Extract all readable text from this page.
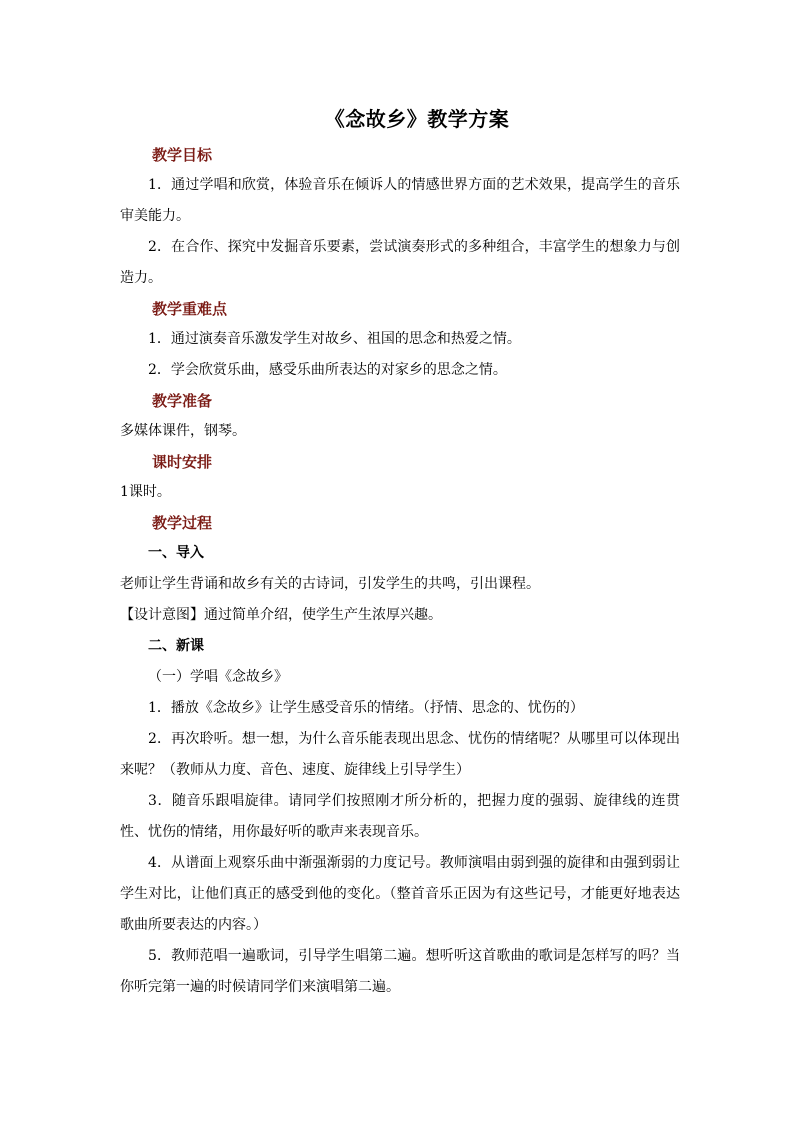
《念故乡》教学方案
教学目标

1．通过学唱和欣赏，体验音乐在倾诉人的情感世界方面的艺术效果，提高学生的音乐审美能力。

2．在合作、探究中发掘音乐要素，尝试演奏形式的多种组合，丰富学生的想象力与创造力。

教学重难点

1．通过演奏音乐激发学生对故乡、祖国的思念和热爱之情。

2．学会欣赏乐曲，感受乐曲所表达的对家乡的思念之情。

教学准备

多媒体课件，钢琴。

课时安排

1课时。

教学过程

一、导入

老师让学生背诵和故乡有关的古诗词，引发学生的共鸣，引出课程。

【设计意图】通过简单介绍，使学生产生浓厚兴趣。

二、新课

（一）学唱《念故乡》

1．播放《念故乡》让学生感受音乐的情绪。（抒情、思念的、忧伤的）

2．再次聆听。想一想，为什么音乐能表现出思念、忧伤的情绪呢？从哪里可以体现出来呢？（教师从力度、音色、速度、旋律线上引导学生）

3．随音乐跟唱旋律。请同学们按照刚才所分析的，把握力度的强弱、旋律线的连贯性、忧伤的情绪，用你最好听的歌声来表现音乐。

4．从谱面上观察乐曲中渐强渐弱的力度记号。教师演唱由弱到强的旋律和由强到弱让学生对比，让他们真正的感受到他的变化。（整首音乐正因为有这些记号，才能更好地表达歌曲所要表达的内容。）

5．教师范唱一遍歌词，引导学生唱第二遍。想听听这首歌曲的歌词是怎样写的吗？当你听完第一遍的时候请同学们来演唱第二遍。
